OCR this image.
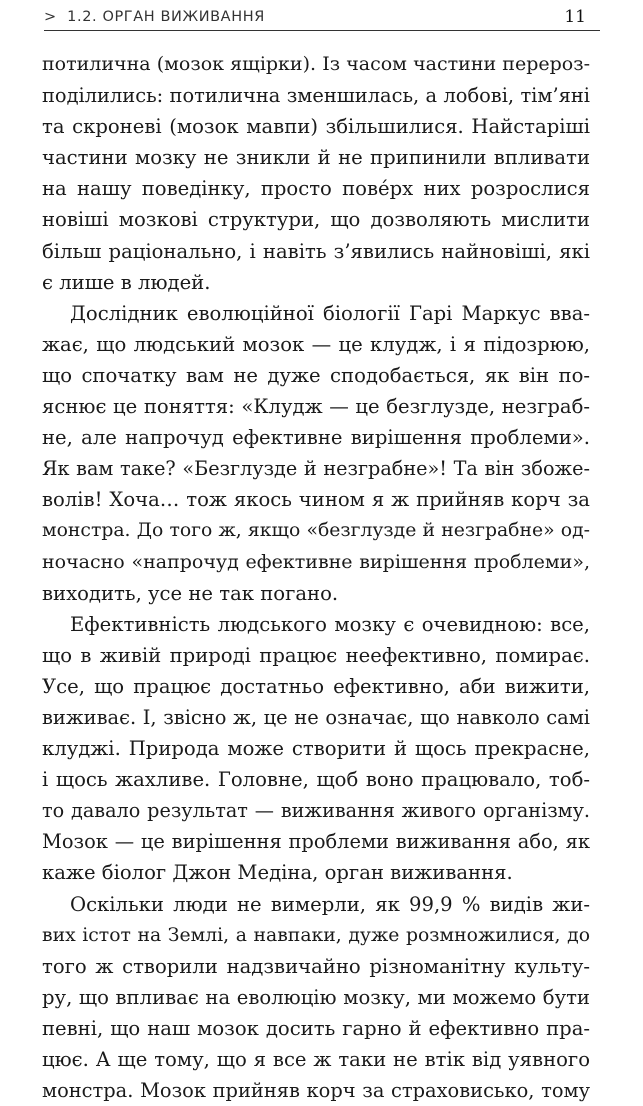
>  1.2. ОРГАН ВИЖИВАННЯ	11
потилична (мозок ящірки). Із часом частини перероз-
поділились: потилична зменшилась, а лобові, тім’яні
та скроневі (мозок мавпи) збільшилися. Найстаріші
частини мозку не зникли й не припинили впливати
на нашу поведінку, просто пове́рх них розрослися
новіші мозкові структури, що дозволяють мислити
більш раціонально, і навіть з’явились найновіші, які
є лише в людей.
Дослідник еволюційної біології Гарі Маркус вва-
жає, що людський мозок — це клудж, і я підозрюю,
що спочатку вам не дуже сподобається, як він по-
яснює це поняття: «Клудж — це безглузде, незграб-
не, але напрочуд ефективне вирішення проблеми».
Як вам таке? «Безглузде й незграбне»! Та він збоже-
волів! Хоча… тож якось чином я ж прийняв корч за
монстра. До того ж, якщо «безглузде й незграбне» од-
ночасно «напрочуд ефективне вирішення проблеми»,
виходить, усе не так погано.
Ефективність людського мозку є очевидною: все,
що в живій природі працює неефективно, помирає.
Усе, що працює достатньо ефективно, аби вижити,
виживає. І, звісно ж, це не означає, що навколо самі
клуджі. Природа може створити й щось прекрасне,
і щось жахливе. Головне, щоб воно працювало, тоб-
то давало результат — виживання живого організму.
Мозок — це вирішення проблеми виживання або, як
каже біолог Джон Медіна, орган виживання.
Оскільки люди не вимерли, як 99,9 % видів жи-
вих істот на Землі, а навпаки, дуже розмножилися, до
того ж створили надзвичайно різноманітну культу-
ру, що впливає на еволюцію мозку, ми можемо бути
певні, що наш мозок досить гарно й ефективно пра-
цює. А ще тому, що я все ж таки не втік від уявного
монстра. Мозок прийняв корч за страховисько, тому
